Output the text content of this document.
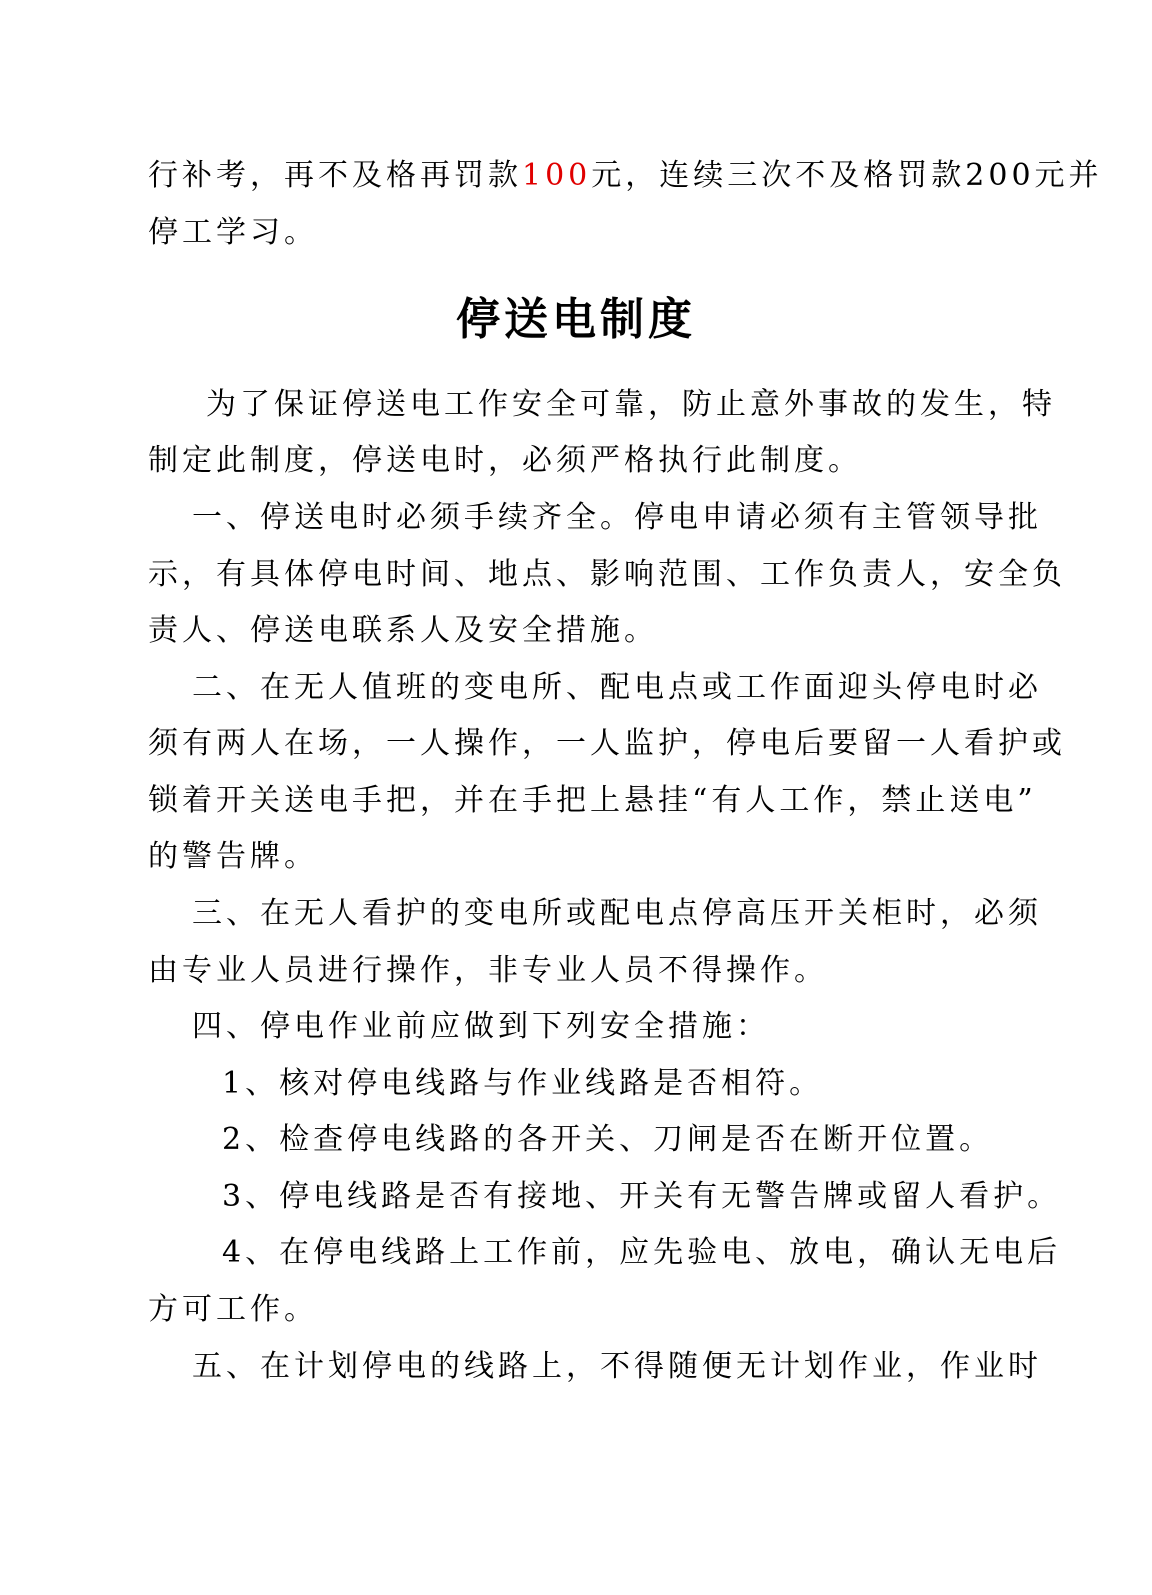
行补考，再不及格再罚款100元，连续三次不及格罚款200元并

停工学习。

停送电制度

为了保证停送电工作安全可靠，防止意外事故的发生，特

制定此制度，停送电时，必须严格执行此制度。

一、停送电时必须手续齐全。停电申请必须有主管领导批

示，有具体停电时间、地点、影响范围、工作负责人，安全负

责人、停送电联系人及安全措施。

二、在无人值班的变电所、配电点或工作面迎头停电时必

须有两人在场，一人操作，一人监护，停电后要留一人看护或

锁着开关送电手把，并在手把上悬挂“有人工作，禁止送电”

的警告牌。

三、在无人看护的变电所或配电点停高压开关柜时，必须

由专业人员进行操作，非专业人员不得操作。

四、停电作业前应做到下列安全措施：

1、核对停电线路与作业线路是否相符。

2、检查停电线路的各开关、刀闸是否在断开位置。

3、停电线路是否有接地、开关有无警告牌或留人看护。

4、在停电线路上工作前，应先验电、放电，确认无电后

方可工作。

五、在计划停电的线路上，不得随便无计划作业，作业时
